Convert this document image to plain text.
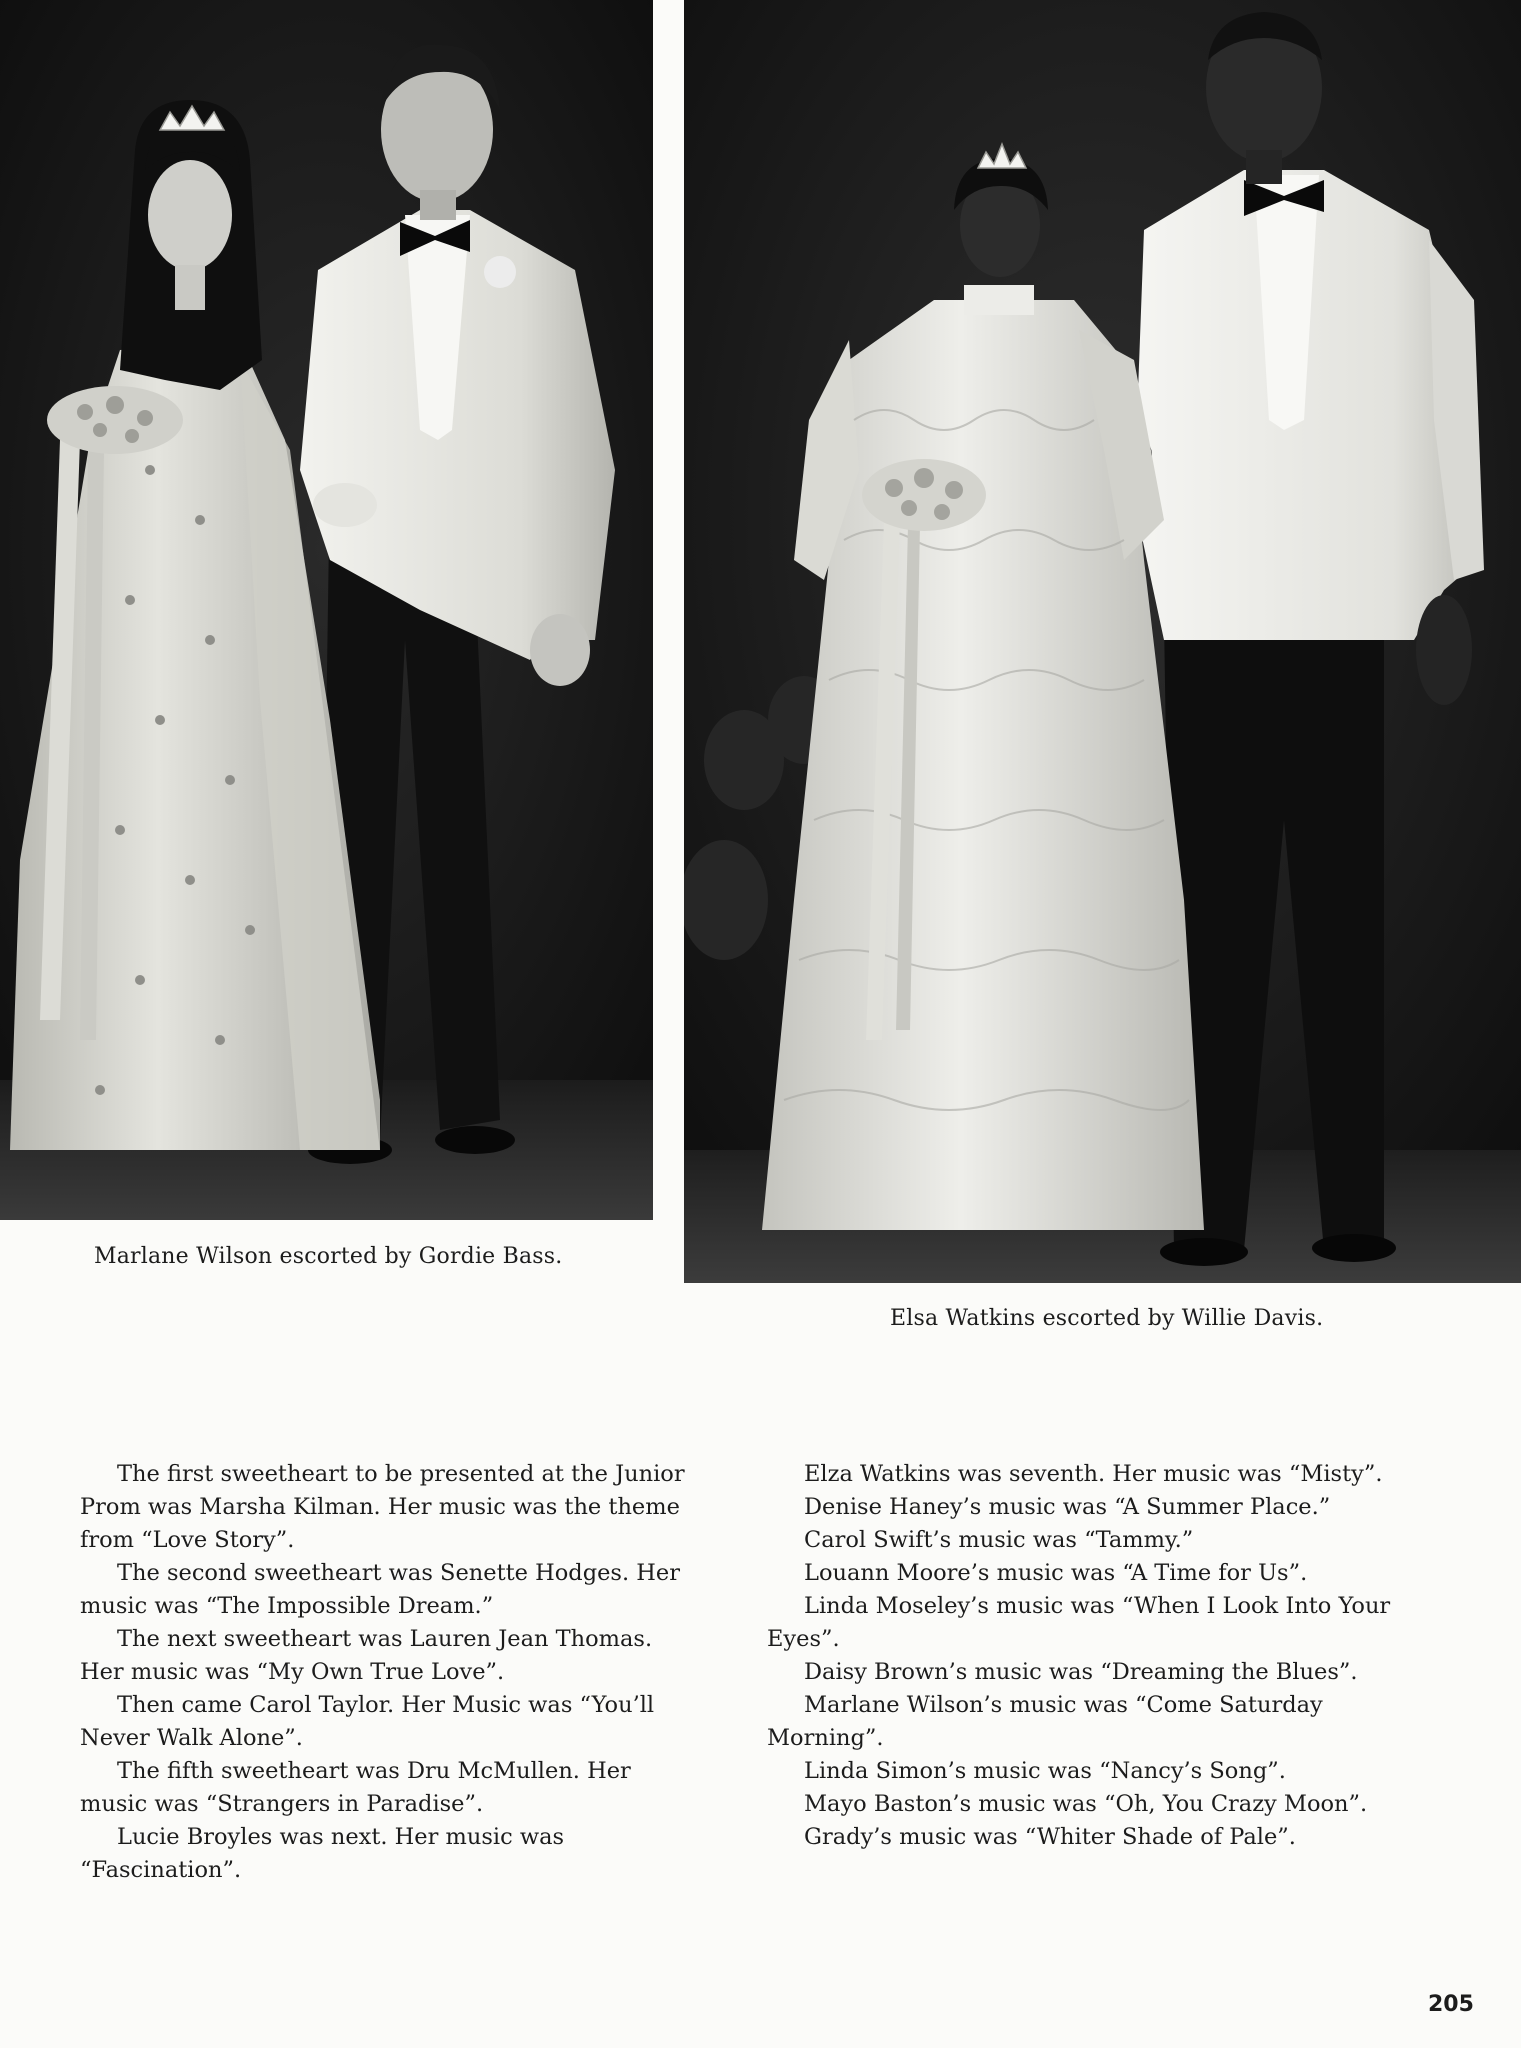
Marlane Wilson escorted by Gordie Bass.
Elsa Watkins escorted by Willie Davis.

The first sweetheart to be presented at the Junior Prom was Marsha Kilman. Her music was the theme from “Love Story”.

The second sweetheart was Senette Hodges. Her music was “The Impossible Dream.”

The next sweetheart was Lauren Jean Thomas. Her music was “My Own True Love”.

Then came Carol Taylor. Her Music was “You’ll Never Walk Alone”.

The fifth sweetheart was Dru McMullen. Her music was “Strangers in Paradise”.

Lucie Broyles was next. Her music was “Fascination”.

Elza Watkins was seventh. Her music was “Misty”.

Denise Haney’s music was “A Summer Place.”

Carol Swift’s music was “Tammy.”

Louann Moore’s music was “A Time for Us”.

Linda Moseley’s music was “When I Look Into Your Eyes”.

Daisy Brown’s music was “Dreaming the Blues”.

Marlane Wilson’s music was “Come Saturday Morning”.

Linda Simon’s music was “Nancy’s Song”.

Mayo Baston’s music was “Oh, You Crazy Moon”.

Grady’s music was “Whiter Shade of Pale”.

205
